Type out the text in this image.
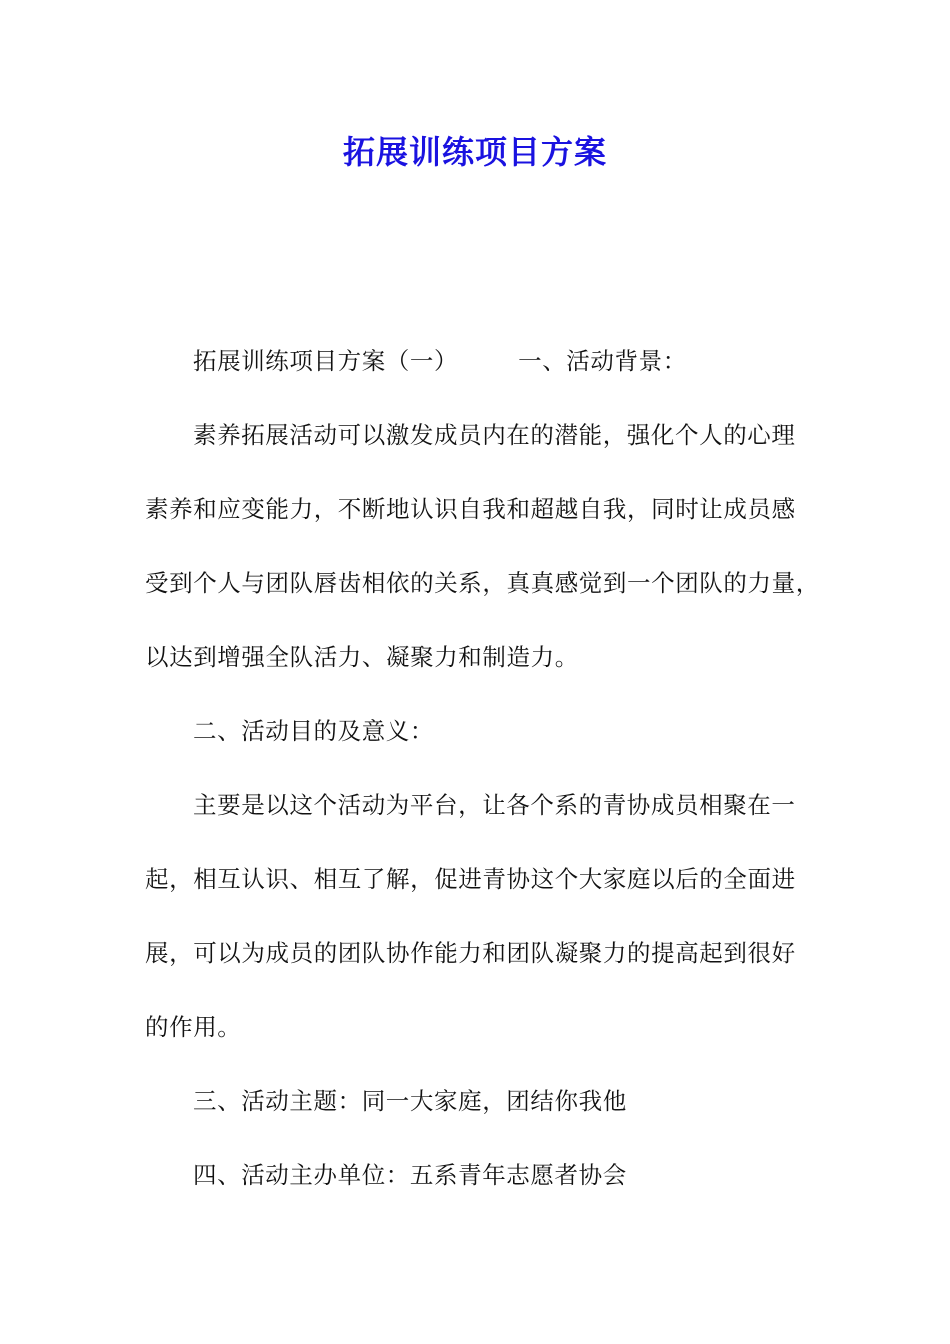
拓展训练项目方案

拓展训练项目方案（一）	一、活动背景：

素养拓展活动可以激发成员内在的潜能，强化个人的心理
素养和应变能力，不断地认识自我和超越自我，同时让成员感
受到个人与团队唇齿相依的关系，真真感觉到一个团队的力量，
以达到增强全队活力、凝聚力和制造力。

二、活动目的及意义：

主要是以这个活动为平台，让各个系的青协成员相聚在一
起，相互认识、相互了解，促进青协这个大家庭以后的全面进
展，可以为成员的团队协作能力和团队凝聚力的提高起到很好
的作用。

三、活动主题：同一大家庭，团结你我他

四、活动主办单位：五系青年志愿者协会
